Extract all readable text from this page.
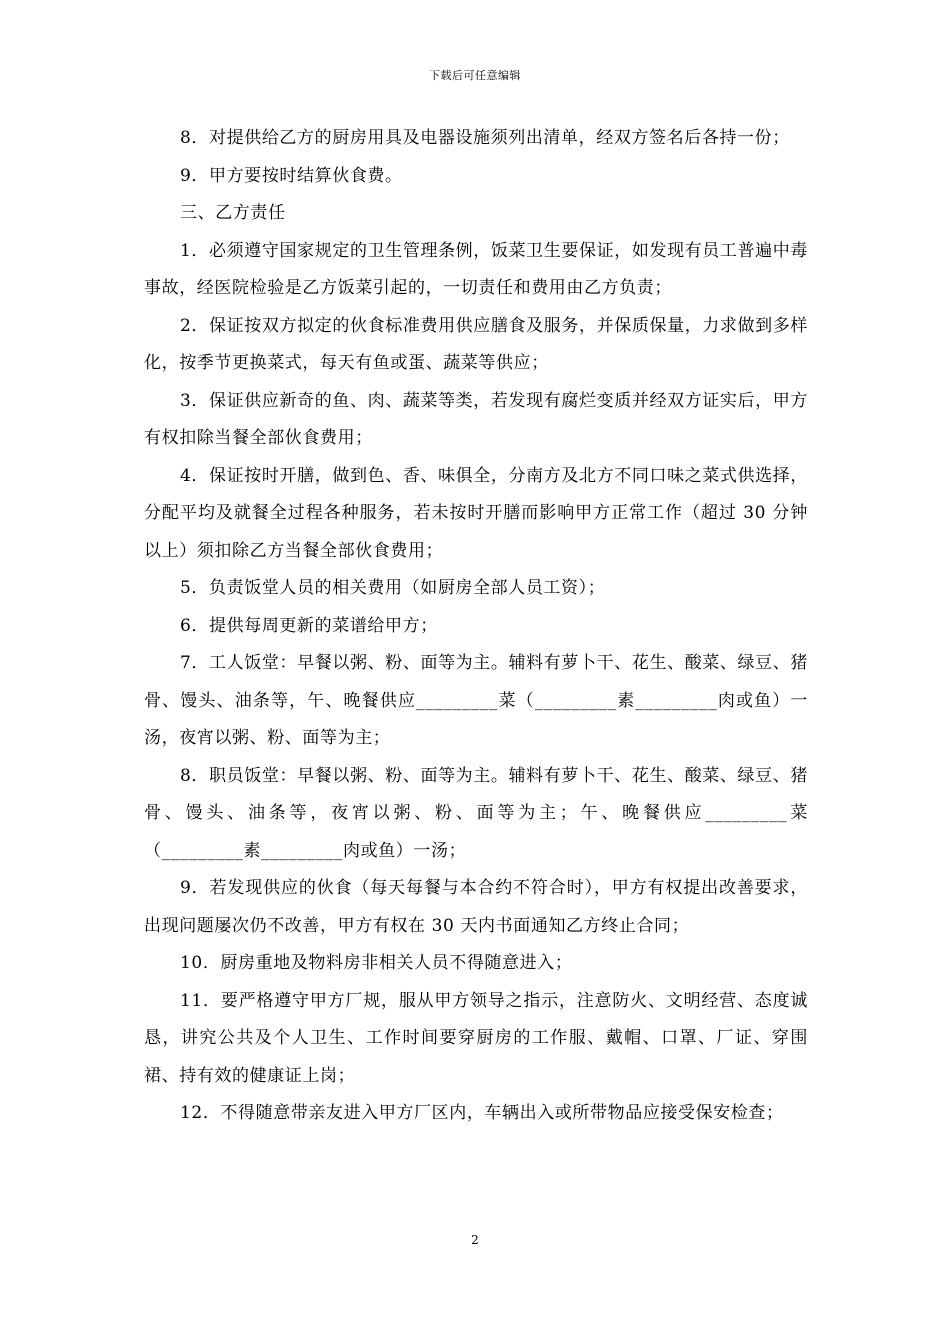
下载后可任意编辑

8．对提供给乙方的厨房用具及电器设施须列出清单，经双方签名后各持一份；

9．甲方要按时结算伙食费。

三、乙方责任

1．必须遵守国家规定的卫生管理条例，饭菜卫生要保证，如发现有员工普遍中毒事故，经医院检验是乙方饭菜引起的，一切责任和费用由乙方负责；

2．保证按双方拟定的伙食标准费用供应膳食及服务，并保质保量，力求做到多样化，按季节更换菜式，每天有鱼或蛋、蔬菜等供应；

3．保证供应新奇的鱼、肉、蔬菜等类，若发现有腐烂变质并经双方证实后，甲方有权扣除当餐全部伙食费用；

4．保证按时开膳，做到色、香、味俱全，分南方及北方不同口味之菜式供选择，分配平均及就餐全过程各种服务，若未按时开膳而影响甲方正常工作（超过 30 分钟以上）须扣除乙方当餐全部伙食费用；

5．负责饭堂人员的相关费用（如厨房全部人员工资）；

6．提供每周更新的菜谱给甲方；

7．工人饭堂：早餐以粥、粉、面等为主。辅料有萝卜干、花生、酸菜、绿豆、猪骨、馒头、油条等，午、晚餐供应_________菜（_________素_________肉或鱼）一汤，夜宵以粥、粉、面等为主；

8．职员饭堂：早餐以粥、粉、面等为主。辅料有萝卜干、花生、酸菜、绿豆、猪骨、馒头、油条等，夜宵以粥、粉、面等为主；午、晚餐供应_________菜（_________素_________肉或鱼）一汤；

9．若发现供应的伙食（每天每餐与本合约不符合时），甲方有权提出改善要求，出现问题屡次仍不改善，甲方有权在 30 天内书面通知乙方终止合同；

10．厨房重地及物料房非相关人员不得随意进入；

11．要严格遵守甲方厂规，服从甲方领导之指示，注意防火、文明经营、态度诚恳，讲究公共及个人卫生、工作时间要穿厨房的工作服、戴帽、口罩、厂证、穿围裙、持有效的健康证上岗；

12．不得随意带亲友进入甲方厂区内，车辆出入或所带物品应接受保安检查；

2
